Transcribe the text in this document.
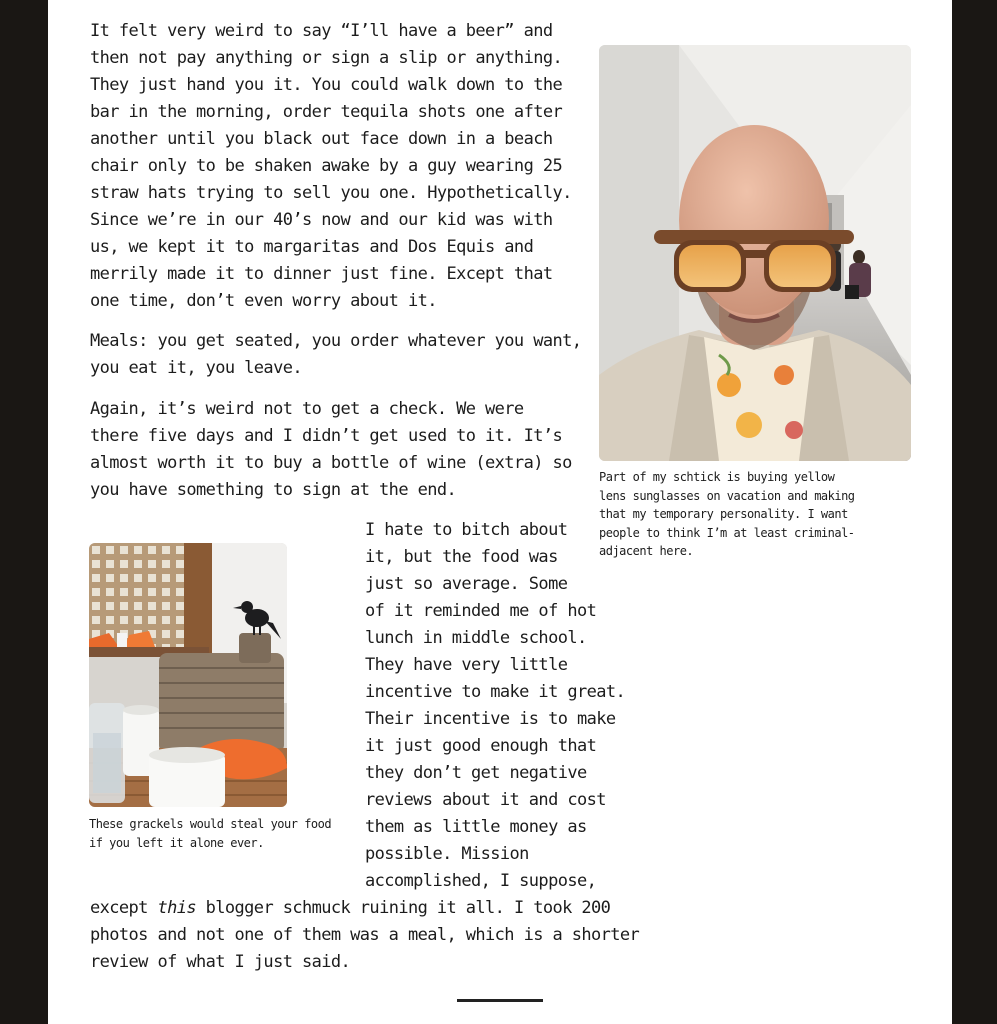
It felt very weird to say “I’ll have a beer” and then not pay anything or sign a slip or anything. They just hand you it. You could walk down to the bar in the morning, order tequila shots one after another until you black out face down in a beach chair only to be shaken awake by a guy wearing 25 straw hats trying to sell you one. Hypothetically. Since we’re in our 40’s now and our kid was with us, we kept it to margaritas and Dos Equis and merrily made it to dinner just fine. Except that one time, don’t even worry about it.

Meals: you get seated, you order whatever you want, you eat it, you leave.

Again, it’s weird not to get a check. We were there five days and I didn’t get used to it. It’s almost worth it to buy a bottle of wine (extra) so you have something to sign at the end.

Part of my schtick is buying yellow lens sunglasses on vacation and making that my temporary personality. I want people to think I’m at least criminal-adjacent here.

These grackels would steal your food if you left it alone ever.

I hate to bitch about
it, but the food was
just so average. Some
of it reminded me of hot
lunch in middle school.
They have very little
incentive to make it great.
Their incentive is to make
it just good enough that
they don’t get negative
reviews about it and cost
them as little money as
possible. Mission
accomplished, I suppose,
except this blogger schmuck ruining it all. I took 200
photos and not one of them was a meal, which is a shorter
review of what I just said.
